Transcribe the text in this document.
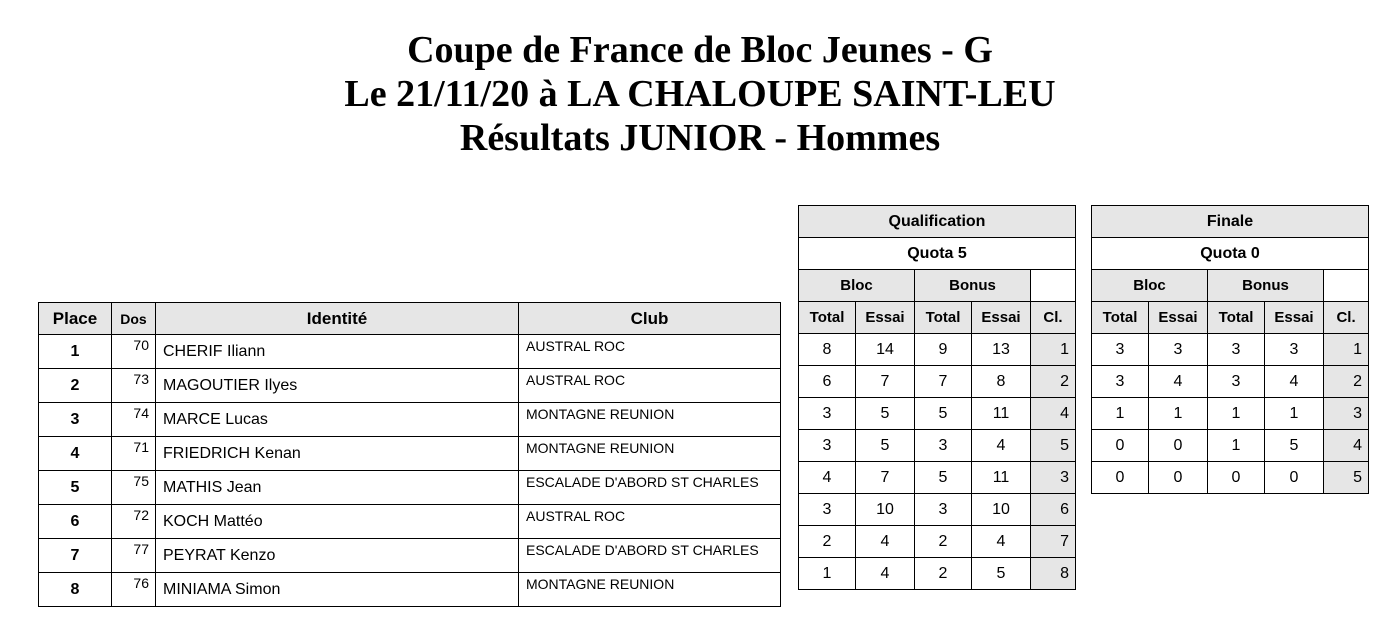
Coupe de France de Bloc Jeunes - G
Le 21/11/20 à LA CHALOUPE SAINT-LEU
Résultats JUNIOR - Hommes
Place	Dos	Identité	Club
1	70	CHERIF Iliann	AUSTRAL ROC
2	73	MAGOUTIER Ilyes	AUSTRAL ROC
3	74	MARCE Lucas	MONTAGNE REUNION
4	71	FRIEDRICH Kenan	MONTAGNE REUNION
5	75	MATHIS Jean	ESCALADE D'ABORD ST CHARLES
6	72	KOCH Mattéo	AUSTRAL ROC
7	77	PEYRAT Kenzo	ESCALADE D'ABORD ST CHARLES
8	76	MINIAMA Simon	MONTAGNE REUNION
Qualification				
Quota 5				
Bloc		Bonus		
Total	Essai	Total	Essai	Cl.
8	14	9	13	1
6	7	7	8	2
3	5	5	11	4
3	5	3	4	5
4	7	5	11	3
3	10	3	10	6
2	4	2	4	7
1	4	2	5	8
Finale				
Quota 0				
Bloc		Bonus		
Total	Essai	Total	Essai	Cl.
3	3	3	3	1
3	4	3	4	2
1	1	1	1	3
0	0	1	5	4
0	0	0	0	5
